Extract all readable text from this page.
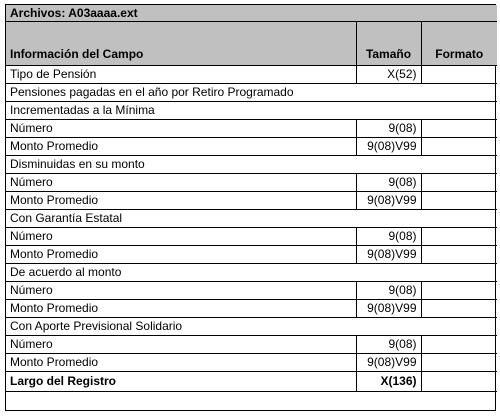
Archivos: A03aaaa.ext		
Información del Campo	Tamaño	Formato
Tipo de Pensión	X(52)	
Pensiones pagadas en el año por Retiro Programado		
Incrementadas a la Mínima		
Número	9(08)	
Monto Promedio	9(08)V99	
Disminuidas en su monto		
Número	9(08)	
Monto Promedio	9(08)V99	
Con Garantía Estatal		
Número	9(08)	
Monto Promedio	9(08)V99	
De acuerdo al monto		
Número	9(08)	
Monto Promedio	9(08)V99	
Con Aporte Previsional Solidario		
Número	9(08)	
Monto Promedio	9(08)V99	
Largo del Registro	X(136)	
